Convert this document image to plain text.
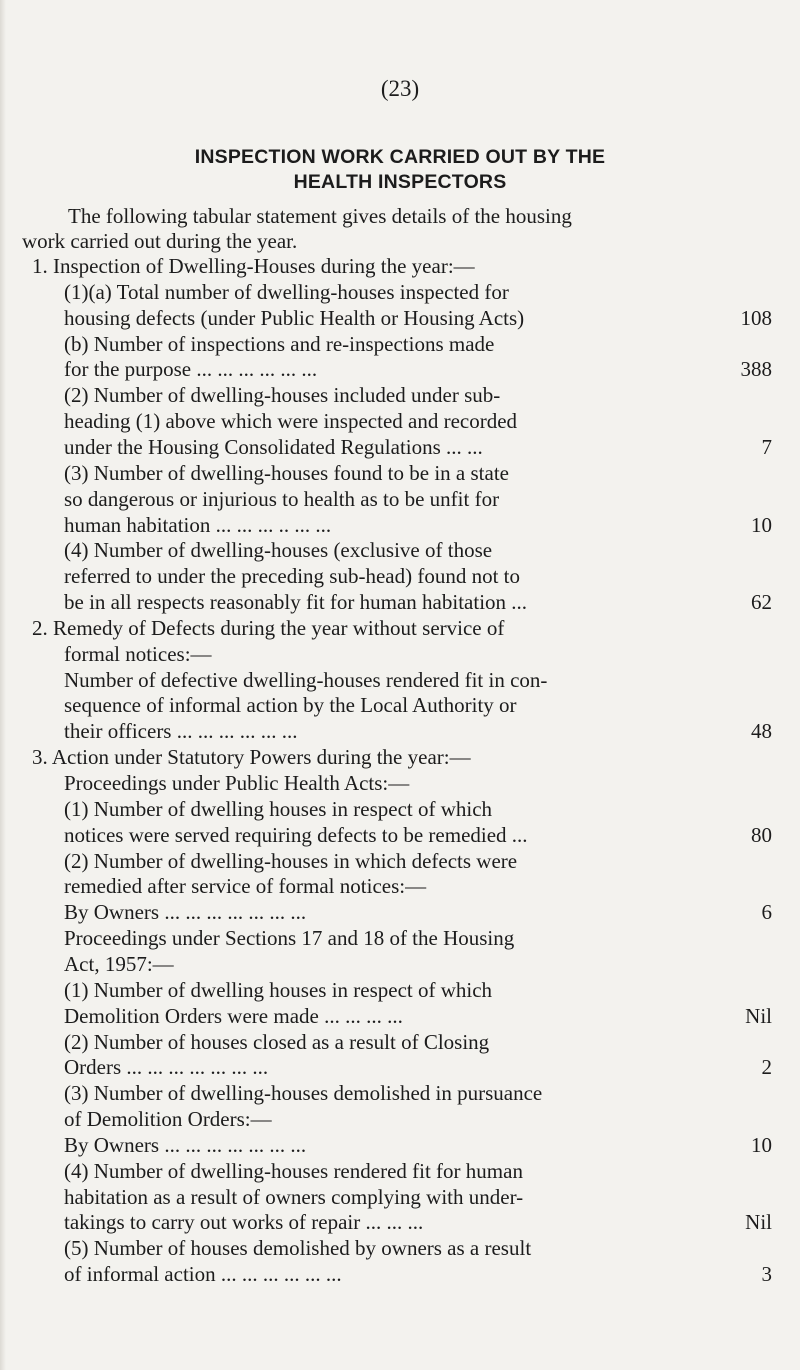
(23)
INSPECTION WORK CARRIED OUT BY THE
HEALTH INSPECTORS
The following tabular statement gives details of the housing
work carried out during the year.
1. Inspection of Dwelling-Houses during the year:—
(1)(a) Total number of dwelling-houses inspected for
housing defects (under Public Health or Housing Acts)	108
(b) Number of inspections and re-inspections made
for the purpose ... ... ... ... ... ...	388
(2) Number of dwelling-houses included under sub-
heading (1) above which were inspected and recorded
under the Housing Consolidated Regulations ... ...	7
(3) Number of dwelling-houses found to be in a state
so dangerous or injurious to health as to be unfit for
human habitation ... ... ... .. ... ...	10
(4) Number of dwelling-houses (exclusive of those
referred to under the preceding sub-head) found not to
be in all respects reasonably fit for human habitation ...	62
2. Remedy of Defects during the year without service of
formal notices:—
Number of defective dwelling-houses rendered fit in con-
sequence of informal action by the Local Authority or
their officers ... ... ... ... ... ...	48
3. Action under Statutory Powers during the year:—
Proceedings under Public Health Acts:—
(1) Number of dwelling houses in respect of which
notices were served requiring defects to be remedied ...	80
(2) Number of dwelling-houses in which defects were
remedied after service of formal notices:—
By Owners ... ... ... ... ... ... ...	6
Proceedings under Sections 17 and 18 of the Housing
Act, 1957:—
(1) Number of dwelling houses in respect of which
Demolition Orders were made ... ... ... ...	Nil
(2) Number of houses closed as a result of Closing
Orders ... ... ... ... ... ... ...	2
(3) Number of dwelling-houses demolished in pursuance
of Demolition Orders:—
By Owners ... ... ... ... ... ... ...	10
(4) Number of dwelling-houses rendered fit for human
habitation as a result of owners complying with under-
takings to carry out works of repair ... ... ...	Nil
(5) Number of houses demolished by owners as a result
of informal action ... ... ... ... ... ...	3
